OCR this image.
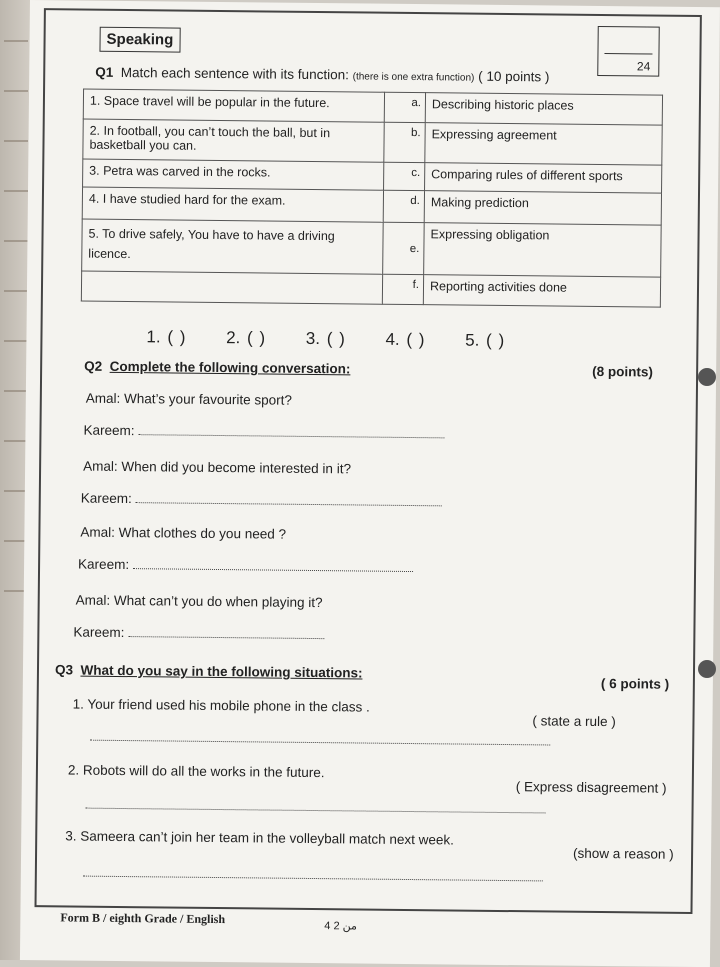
Speaking
24
Q1 Match each sentence with its function: (there is one extra function) ( 10 points )
1. Space travel will be popular in the future.	a.	Describing historic places
2. In football, you can’t touch the ball, but in basketball you can.	b.	Expressing agreement
3. Petra was carved in the rocks.	c.	Comparing rules of different sports
4. I have studied hard for the exam.	d.	Making prediction
5. To drive safely, You have to have a driving licence.	e.	Expressing obligation
	f.	Reporting activities done
1. ( ) 2. ( ) 3. ( ) 4. ( ) 5. ( )
Q2 Complete the following conversation:	(8 points)
Amal: What’s your favourite sport?
Kareem:
Amal: When did you become interested in it?
Kareem:
Amal: What clothes do you need ?
Kareem:
Amal: What can’t you do when playing it?
Kareem:
Q3 What do you say in the following situations:
( 6 points )
1. Your friend used his mobile phone in the class .
( state a rule )
2. Robots will do all the works in the future.
( Express disagreement )
3. Sameera can’t join her team in the volleyball match next week.
(show a reason )
Form B / eighth Grade / English
4 من 2
